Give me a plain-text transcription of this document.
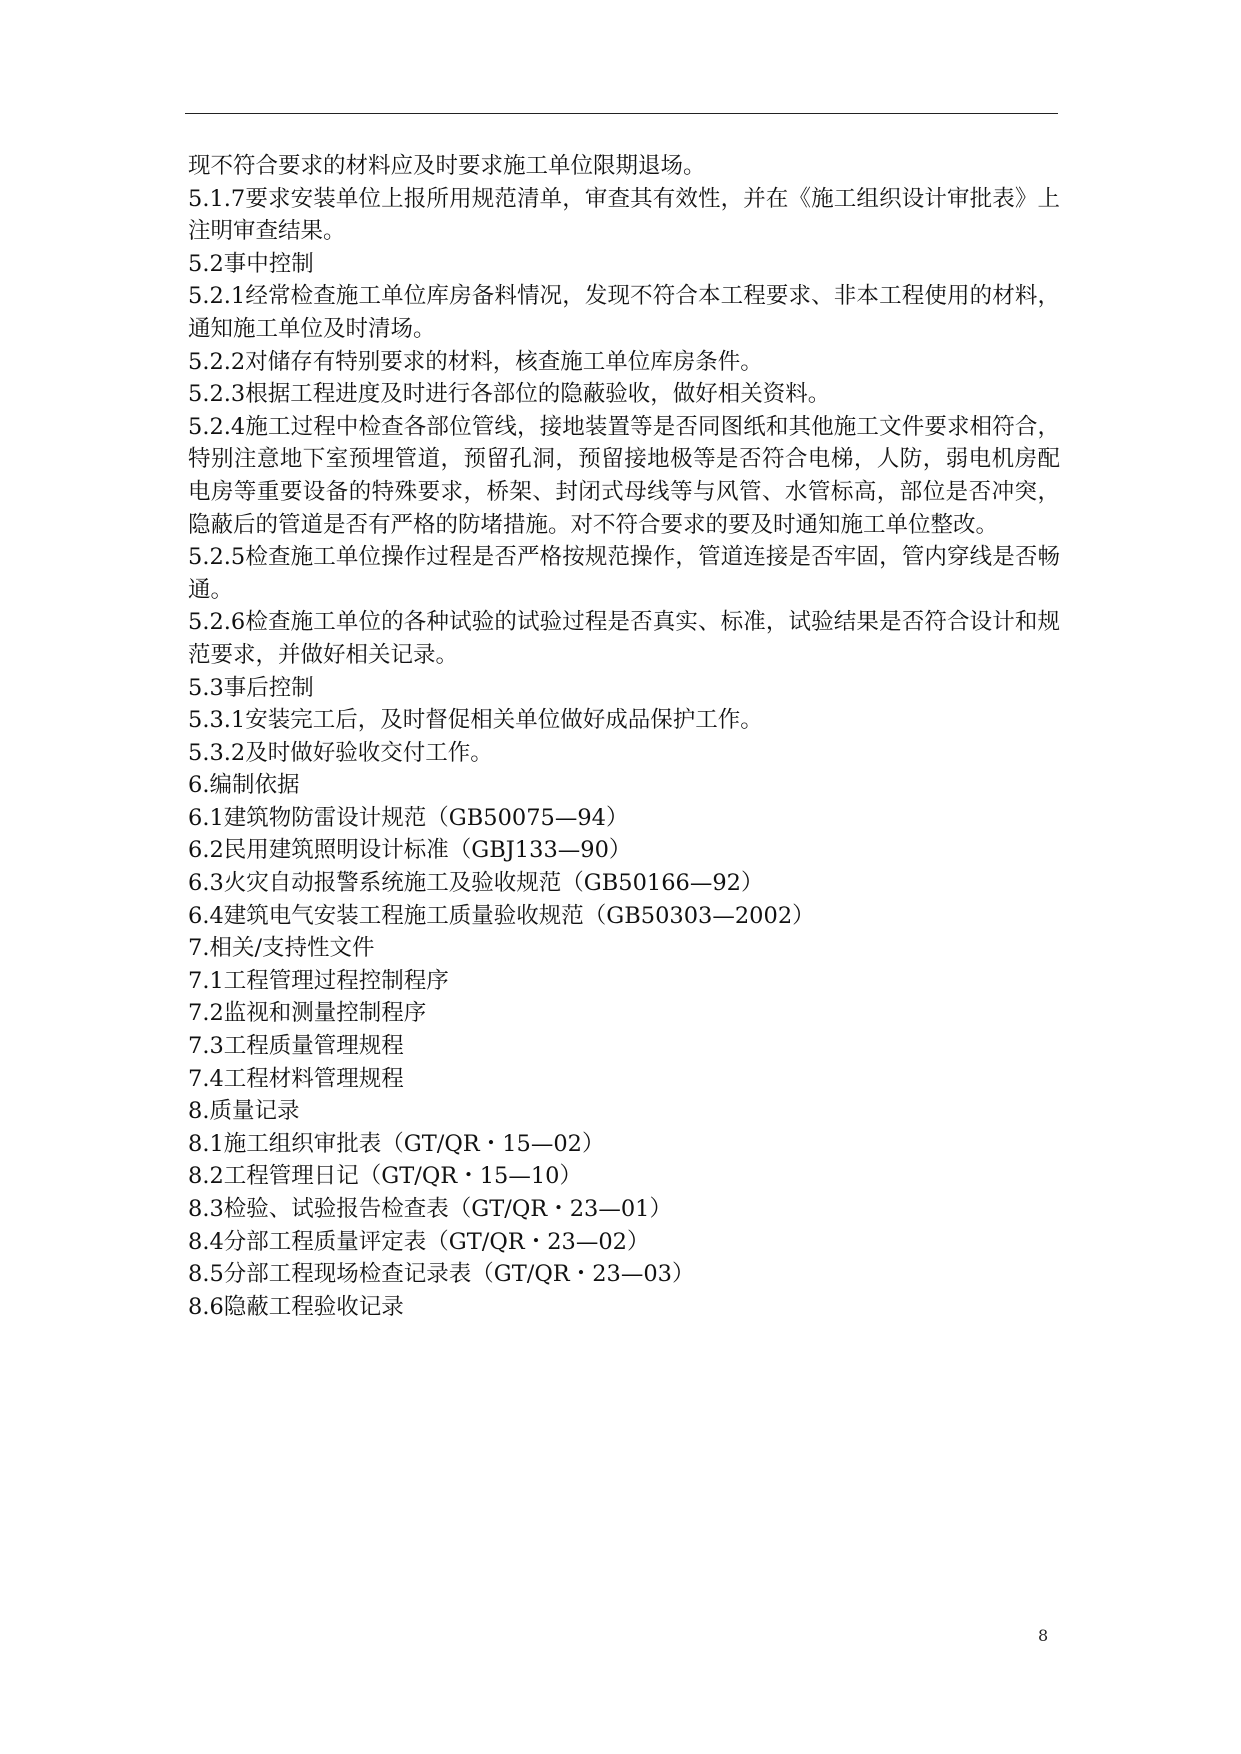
现不符合要求的材料应及时要求施工单位限期退场。

5.1.7要求安装单位上报所用规范清单，审查其有效性，并在《施工组织设计审批表》上注明审查结果。

5.2事中控制

5.2.1经常检查施工单位库房备料情况，发现不符合本工程要求、非本工程使用的材料，通知施工单位及时清场。

5.2.2对储存有特别要求的材料，核查施工单位库房条件。

5.2.3根据工程进度及时进行各部位的隐蔽验收，做好相关资料。

5.2.4施工过程中检查各部位管线，接地装置等是否同图纸和其他施工文件要求相符合，特别注意地下室预埋管道，预留孔洞，预留接地极等是否符合电梯，人防，弱电机房配电房等重要设备的特殊要求，桥架、封闭式母线等与风管、水管标高，部位是否冲突，隐蔽后的管道是否有严格的防堵措施。对不符合要求的要及时通知施工单位整改。

5.2.5检查施工单位操作过程是否严格按规范操作，管道连接是否牢固，管内穿线是否畅通。

5.2.6检查施工单位的各种试验的试验过程是否真实、标准，试验结果是否符合设计和规范要求，并做好相关记录。

5.3事后控制

5.3.1安装完工后，及时督促相关单位做好成品保护工作。

5.3.2及时做好验收交付工作。

6.编制依据

6.1建筑物防雷设计规范（GB50075—94）

6.2民用建筑照明设计标准（GBJ133—90）

6.3火灾自动报警系统施工及验收规范（GB50166—92）

6.4建筑电气安装工程施工质量验收规范（GB50303—2002）

7.相关/支持性文件

7.1工程管理过程控制程序

7.2监视和测量控制程序

7.3工程质量管理规程

7.4工程材料管理规程

8.质量记录

8.1施工组织审批表（GT/QR・15—02）

8.2工程管理日记（GT/QR・15—10）

8.3检验、试验报告检查表（GT/QR・23—01）

8.4分部工程质量评定表（GT/QR・23—02）

8.5分部工程现场检查记录表（GT/QR・23—03）

8.6隐蔽工程验收记录

8
